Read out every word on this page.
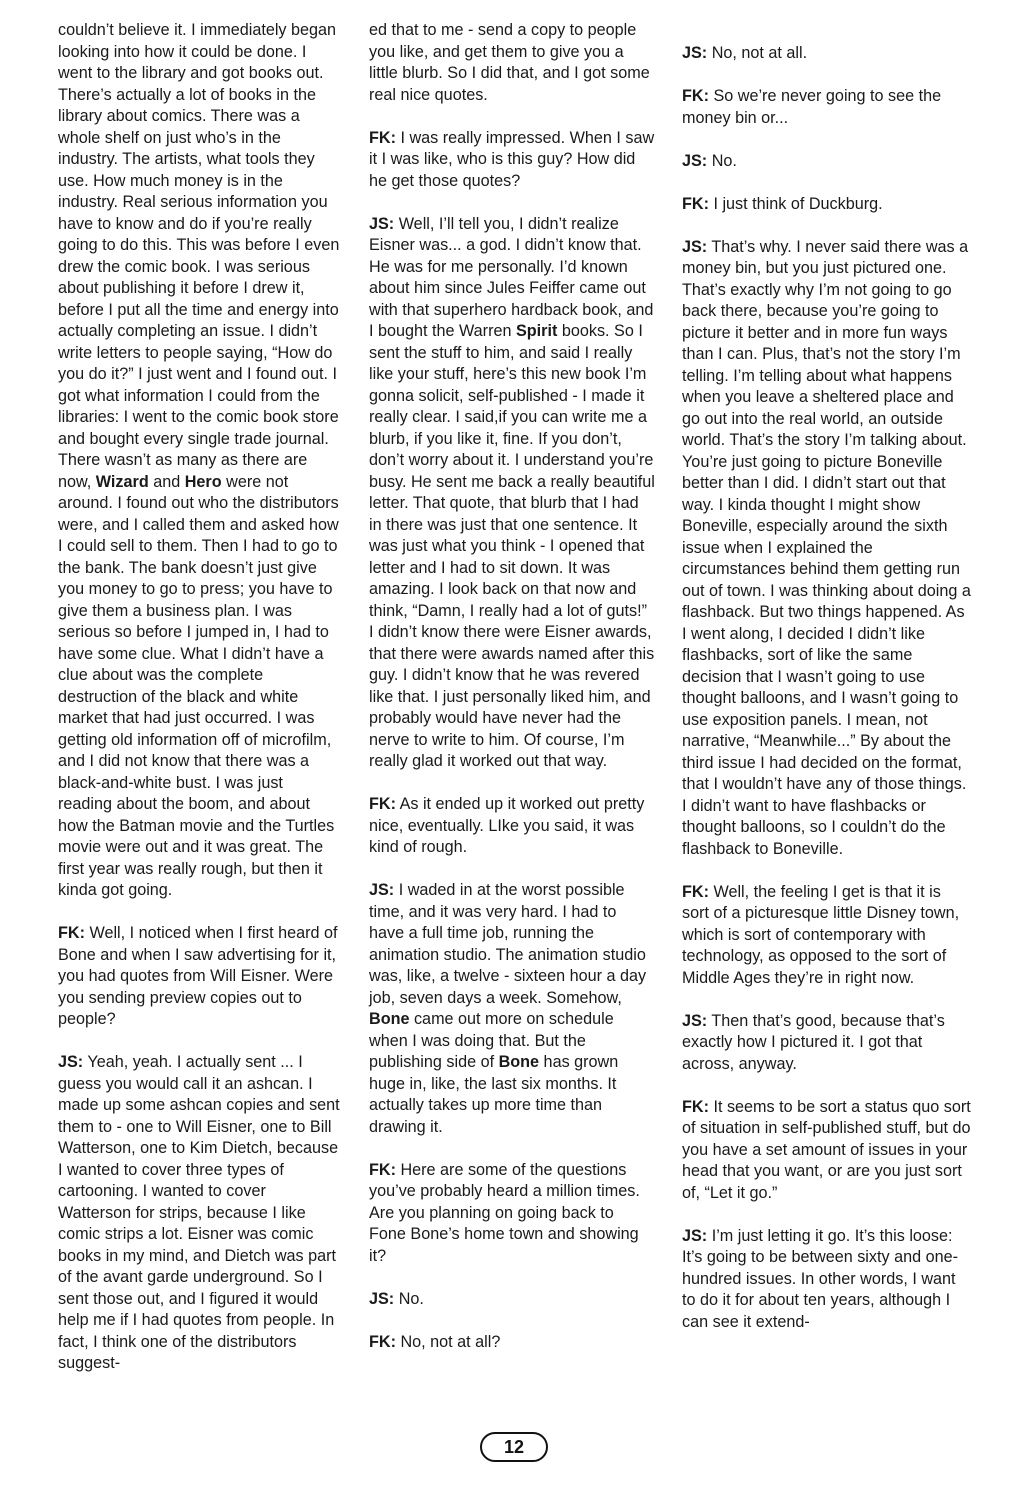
couldn’t believe it. I immediately began looking into how it could be done. I went to the library and got books out. There’s actually a lot of books in the library about comics. There was a whole shelf on just who’s in the industry. The artists, what tools they use. How much money is in the industry. Real serious information you have to know and do if you’re really going to do this. This was before I even drew the comic book. I was serious about publishing it before I drew it, before I put all the time and energy into actually completing an issue. I didn’t write letters to people saying, “How do you do it?” I just went and I found out. I got what information I could from the libraries: I went to the comic book store and bought every single trade journal. There wasn’t as many as there are now, Wizard and Hero were not around. I found out who the distributors were, and I called them and asked how I could sell to them. Then I had to go to the bank. The bank doesn’t just give you money to go to press; you have to give them a business plan. I was serious so before I jumped in, I had to have some clue. What I didn’t have a clue about was the complete destruction of the black and white market that had just occurred. I was getting old information off of microfilm, and I did not know that there was a black-and-white bust. I was just reading about the boom, and about how the Batman movie and the Turtles movie were out and it was great. The first year was really rough, but then it kinda got going.

FK: Well, I noticed when I first heard of Bone and when I saw advertising for it, you had quotes from Will Eisner. Were you sending preview copies out to people?

JS: Yeah, yeah. I actually sent ... I guess you would call it an ashcan. I made up some ashcan copies and sent them to - one to Will Eisner, one to Bill Watterson, one to Kim Dietch, because I wanted to cover three types of cartooning. I wanted to cover Watterson for strips, because I like comic strips a lot. Eisner was comic books in my mind, and Dietch was part of the avant garde underground. So I sent those out, and I figured it would help me if I had quotes from people. In fact, I think one of the distributors suggest-

ed that to me - send a copy to people you like, and get them to give you a little blurb. So I did that, and I got some real nice quotes.

FK: I was really impressed. When I saw it I was like, who is this guy? How did he get those quotes?

JS: Well, I’ll tell you, I didn’t realize Eisner was... a god. I didn’t know that. He was for me personally. I’d known about him since Jules Feiffer came out with that superhero hardback book, and I bought the Warren Spirit books. So I sent the stuff to him, and said I really like your stuff, here’s this new book I’m gonna solicit, self-published - I made it really clear. I said,if you can write me a blurb, if you like it, fine. If you don’t, don’t worry about it. I understand you’re busy. He sent me back a really beautiful letter. That quote, that blurb that I had in there was just that one sentence. It was just what you think - I opened that letter and I had to sit down. It was amazing. I look back on that now and think, “Damn, I really had a lot of guts!” I didn’t know there were Eisner awards, that there were awards named after this guy. I didn’t know that he was revered like that. I just personally liked him, and probably would have never had the nerve to write to him. Of course, I’m really glad it worked out that way.

FK: As it ended up it worked out pretty nice, eventually. LIke you said, it was kind of rough.

JS: I waded in at the worst possible time, and it was very hard. I had to have a full time job, running the animation studio. The animation studio was, like, a twelve - sixteen hour a day job, seven days a week. Somehow, Bone came out more on schedule when I was doing that. But the publishing side of Bone has grown huge in, like, the last six months. It actually takes up more time than drawing it.

FK: Here are some of the questions you’ve probably heard a million times. Are you planning on going back to Fone Bone’s home town and showing it?

JS: No.

FK: No, not at all?

JS: No, not at all.

FK: So we’re never going to see the money bin or...

JS: No.

FK: I just think of Duckburg.

JS: That’s why. I never said there was a money bin, but you just pictured one. That’s exactly why I’m not going to go back there, because you’re going to picture it better and in more fun ways than I can. Plus, that’s not the story I’m telling. I’m telling about what happens when you leave a sheltered place and go out into the real world, an outside world. That’s the story I’m talking about. You’re just going to picture Boneville better than I did. I didn’t start out that way. I kinda thought I might show Boneville, especially around the sixth issue when I explained the circumstances behind them getting run out of town. I was thinking about doing a flashback. But two things happened. As I went along, I decided I didn’t like flashbacks, sort of like the same decision that I wasn’t going to use thought balloons, and I wasn’t going to use exposition panels. I mean, not narrative, “Meanwhile...” By about the third issue I had decided on the format, that I wouldn’t have any of those things. I didn’t want to have flashbacks or thought balloons, so I couldn’t do the flashback to Boneville.

FK: Well, the feeling I get is that it is sort of a picturesque little Disney town, which is sort of contemporary with technology, as opposed to the sort of Middle Ages they’re in right now.

JS: Then that’s good, because that’s exactly how I pictured it. I got that across, anyway.

FK: It seems to be sort a status quo sort of situation in self-published stuff, but do you have a set amount of issues in your head that you want, or are you just sort of, “Let it go.”

JS: I’m just letting it go. It’s this loose: It’s going to be between sixty and one-hundred issues. In other words, I want to do it for about ten years, although I can see it extend-

12
